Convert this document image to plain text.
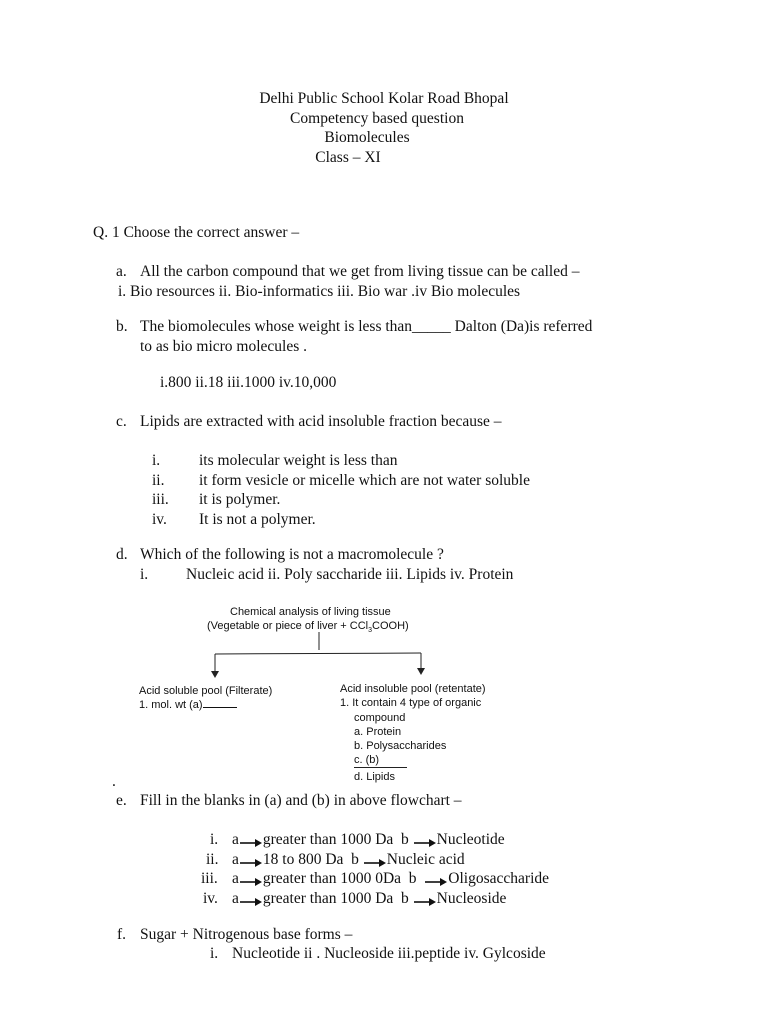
Delhi Public School Kolar Road Bhopal
Competency based question
Biomolecules
Class – XI
Q. 1 Choose the correct answer –
a. All the carbon compound that we get from living tissue can be called –
i. Bio resources ii. Bio-informatics iii. Bio war .iv Bio molecules
b. The biomolecules whose weight is less than_____ Dalton (Da)is referred
to as bio micro molecules .
i.800 ii.18 iii.1000 iv.10,000
c. Lipids are extracted with acid insoluble fraction because –
i.	its molecular weight is less than
ii. it form vesicle or micelle which are not water soluble
iii. it is polymer.
iv. It is not a polymer.
d. Which of the following is not a macromolecule ?
i. Nucleic acid ii. Poly saccharide iii. Lipids iv. Protein
Chemical analysis of living tissue
(Vegetable or piece of liver + CCl$_3$COOH)
Acid soluble pool (Filterate)
1. mol. wt (a)
Acid insoluble pool (retentate)
1. It contain 4 type of organic
compound
a. Protein
b. Polysaccharides
c. (b)
d. Lipids
.
e. Fill in the blanks in (a) and (b) in above flowchart –
i. a greater than 1000 Da b Nucleotide
ii. a 18 to 800 Da b Nucleic acid
iii. a greater than 1000 0Da b Oligosaccharide
iv. a greater than 1000 Da b Nucleoside
f. Sugar + Nitrogenous base forms –
i. Nucleotide ii . Nucleoside iii.peptide iv. Gylcoside
